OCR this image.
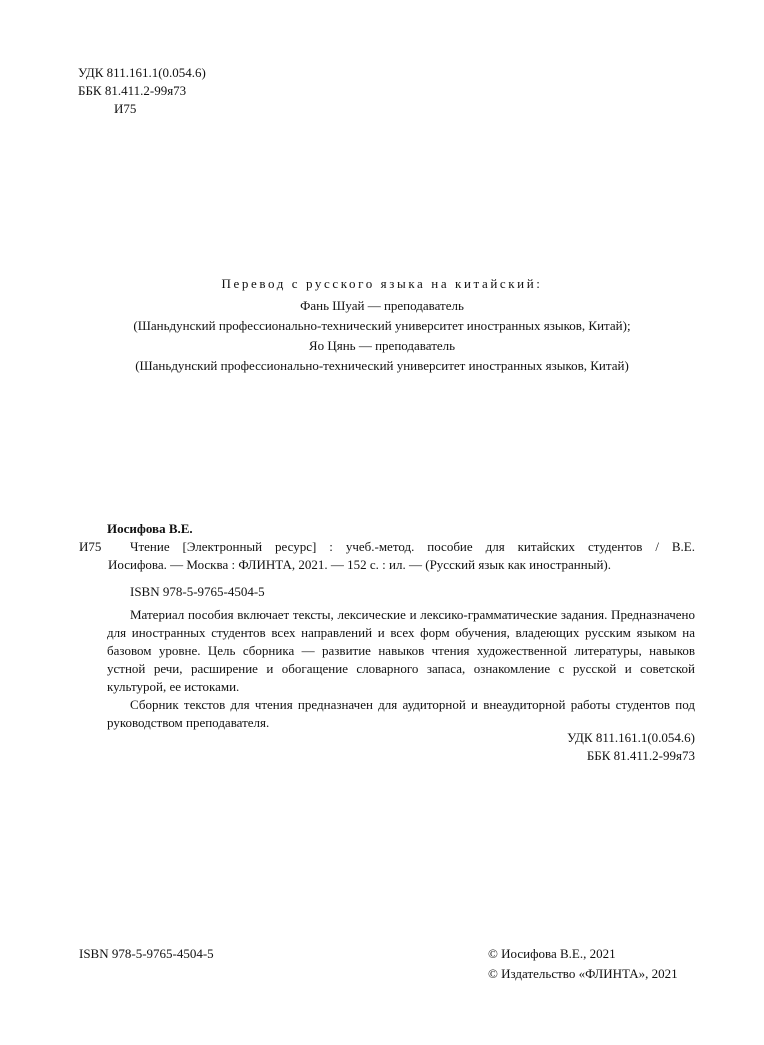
УДК 811.161.1(0.054.6)
ББК 81.411.2-99я73
И75
Перевод с русского языка на китайский:
Фань Шуай — преподаватель
(Шаньдунский профессионально-технический университет иностранных языков, Китай);
Яо Цянь — преподаватель
(Шаньдунский профессионально-технический университет иностранных языков, Китай)
Иосифова В.Е.
И75 Чтение [Электронный ресурс] : учеб.-метод. пособие для китайских студентов / В.Е.

Иосифова. — Москва : ФЛИНТА, 2021. — 152 с. : ил. — (Русский язык как иностранный).

ISBN 978-5-9765-4504-5

Материал пособия включает тексты, лексические и лексико-грамматические задания. Предназначено для иностранных студентов всех направлений и всех форм обучения, владеющих русским языком на базовом уровне. Цель сборника — развитие навыков чтения художественной литературы, навыков устной речи, расширение и обогащение словарного запаса, ознакомление с русской и советской культурой, ее истоками.

Сборник текстов для чтения предназначен для аудиторной и внеаудиторной работы студентов под руководством преподавателя.

УДК 811.161.1(0.054.6)
ББК 81.411.2-99я73
ISBN 978-5-9765-4504-5	© Иосифова В.Е., 2021
© Издательство «ФЛИНТА», 2021
